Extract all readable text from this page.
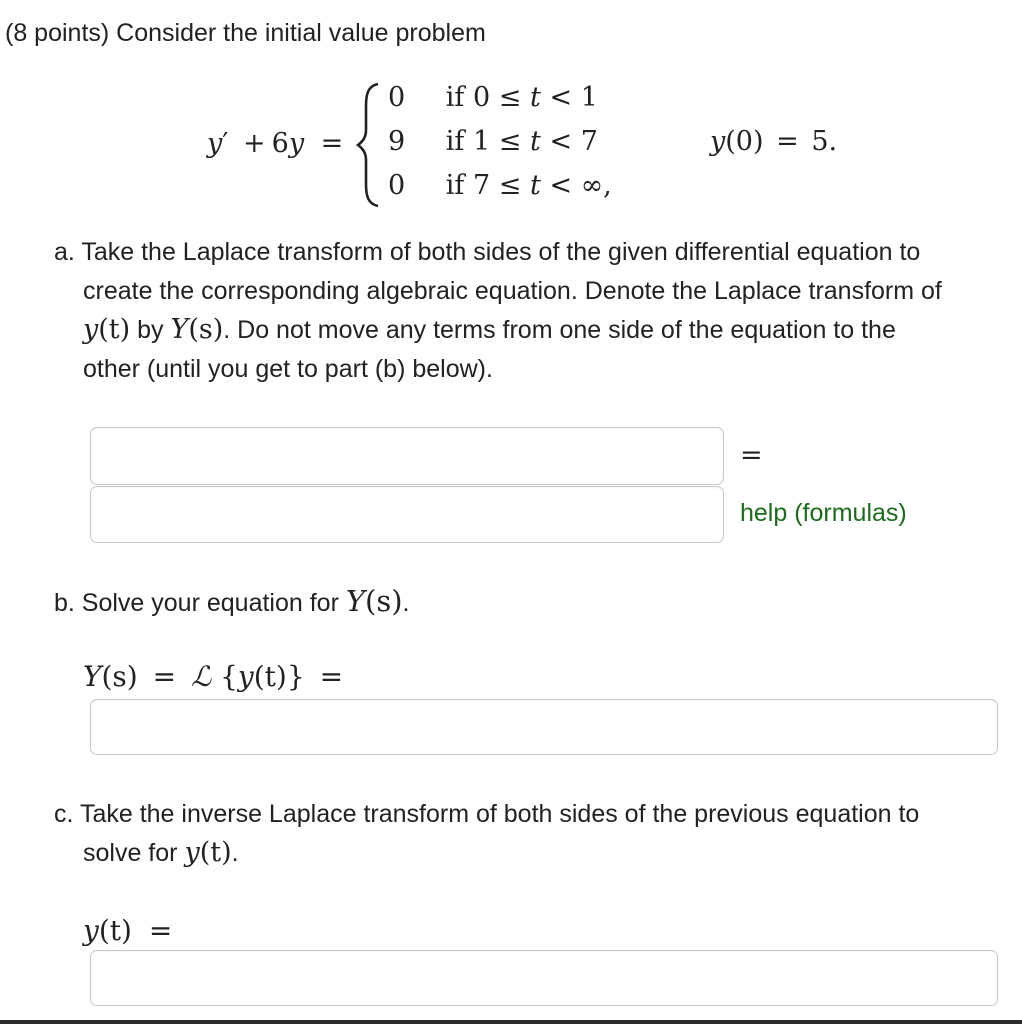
(8 points) Consider the initial value problem
y′ + 6y =
0 if 0 ≤ t < 1
9 if 1 ≤ t < 7
0 if 7 ≤ t < ∞,
y(0) = 5.
a. Take the Laplace transform of both sides of the given differential equation to
create the corresponding algebraic equation. Denote the Laplace transform of
y(t) by Y(s). Do not move any terms from one side of the equation to the
other (until you get to part (b) below).
=
help (formulas)
b. Solve your equation for Y(s).
Y(s) = ℒ {y(t)} =
c. Take the inverse Laplace transform of both sides of the previous equation to
solve for y(t).
y(t) =
